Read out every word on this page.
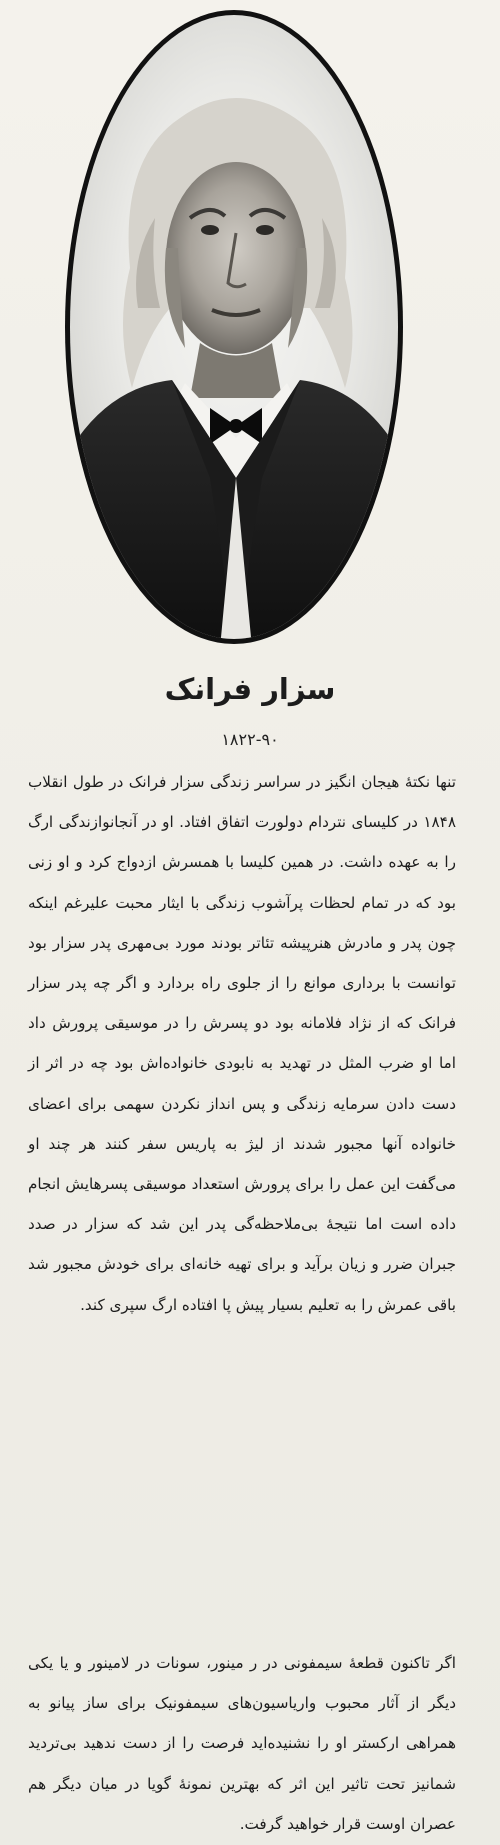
سزار فرانک
۱۸۲۲-۹۰

تنها نکتهٔ هیجان انگیز در سراسر زندگی سزار فرانک در طول انقلاب ۱۸۴۸ در کلیسای نتردام دولورت اتفاق افتاد. او در آنجانوازندگی ارگ را به عهده داشت. در همین کلیسا با همسرش ازدواج کرد و او زنی بود که در تمام لحظات پرآشوب زندگی با ایثار محبت علیرغم اینکه چون پدر و مادرش هنرپیشه تئاتر بودند مورد بی‌مهری پدر سزار بود توانست با برداری موانع را از جلوی راه بردارد و اگر چه پدر سزار فرانک که از نژاد فلامانه بود دو پسرش را در موسیقی پرورش داد اما او ضرب المثل در تهدید به نابودی خانواده‌اش بود چه در اثر از دست دادن سرمایه زندگی و پس انداز نکردن سهمی برای اعضای خانواده آنها مجبور شدند از لیژ به پاریس سفر کنند هر چند او می‌گفت این عمل را برای پرورش استعداد موسیقی پسرهایش انجام داده است اما نتیجهٔ بی‌ملاحظه‌گی پدر این شد که سزار در صدد جبران ضرر و زیان برآید و برای تهیه خانه‌ای برای خودش مجبور شد باقی عمرش را به تعلیم بسیار پیش پا افتاده ارگ سپری کند.

اگر تاکنون قطعهٔ سیمفونی در ر مینور، سونات در لامینور و یا یکی دیگر از آثار محبوب واریاسیون‌های سیمفونیک برای ساز پیانو به همراهی ارکستر او را نشنیده‌اید فرصت را از دست ندهید بی‌تردید شمانیز تحت تاثیر این اثر که بهترین نمونهٔ گویا در میان دیگر هم عصران اوست قرار خواهید گرفت.
